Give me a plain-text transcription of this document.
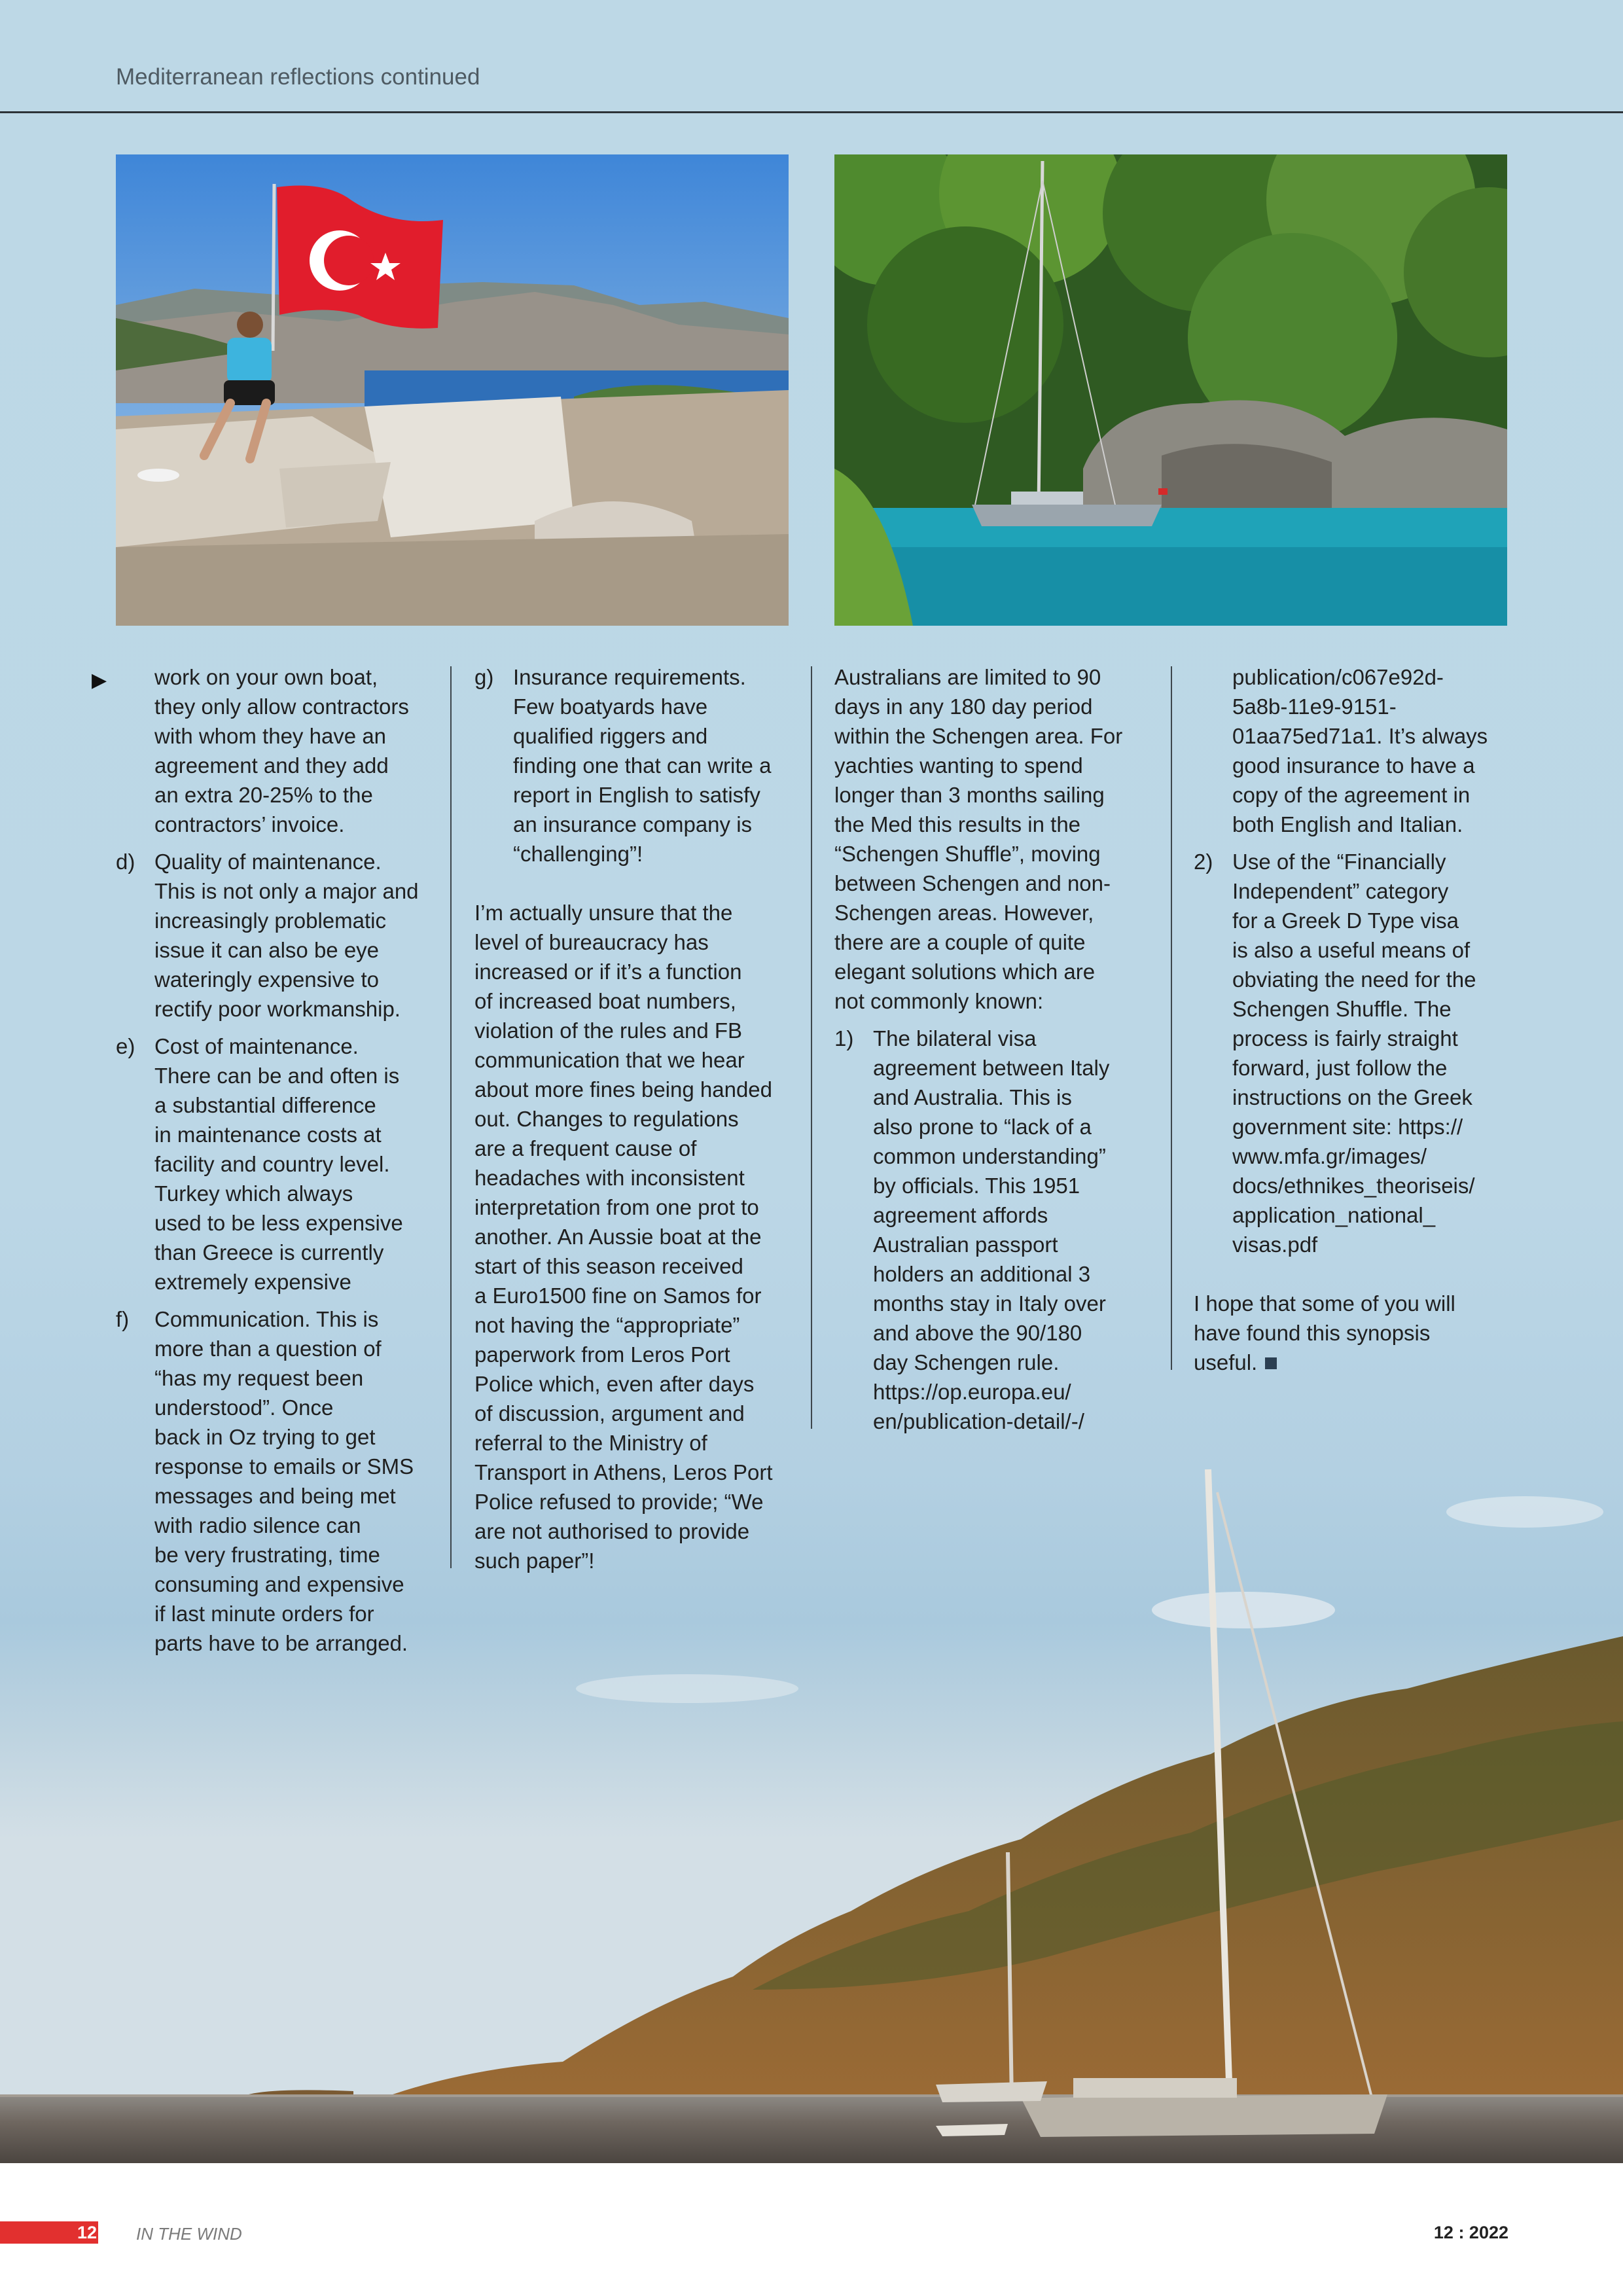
Mediterranean reflections continued
▶ work on your own boat,
they only allow contractors
with whom they have an
agreement and they add
an extra 20-25% to the
contractors’ invoice.

d) Quality of maintenance.
This is not only a major and
increasingly problematic
issue it can also be eye
wateringly expensive to
rectify poor workmanship.

e) Cost of maintenance.
There can be and often is
a substantial difference
in maintenance costs at
facility and country level.
Turkey which always
used to be less expensive
than Greece is currently
extremely expensive

f) Communication. This is
more than a question of
“has my request been
understood”. Once
back in Oz trying to get
response to emails or SMS
messages and being met
with radio silence can
be very frustrating, time
consuming and expensive
if last minute orders for
parts have to be arranged.

g) Insurance requirements.
Few boatyards have
qualified riggers and
finding one that can write a
report in English to satisfy
an insurance company is
“challenging”!

I’m actually unsure that the
level of bureaucracy has
increased or if it’s a function
of increased boat numbers,
violation of the rules and FB
communication that we hear
about more fines being handed
out. Changes to regulations
are a frequent cause of
headaches with inconsistent
interpretation from one prot to
another. An Aussie boat at the
start of this season received
a Euro1500 fine on Samos for
not having the “appropriate”
paperwork from Leros Port
Police which, even after days
of discussion, argument and
referral to the Ministry of
Transport in Athens, Leros Port
Police refused to provide; “We
are not authorised to provide
such paper”!

Australians are limited to 90
days in any 180 day period
within the Schengen area. For
yachties wanting to spend
longer than 3 months sailing
the Med this results in the
“Schengen Shuffle”, moving
between Schengen and non-
Schengen areas. However,
there are a couple of quite
elegant solutions which are
not commonly known:

1) The bilateral visa
agreement between Italy
and Australia. This is
also prone to “lack of a
common understanding”
by officials. This 1951
agreement affords
Australian passport
holders an additional 3
months stay in Italy over
and above the 90/180
day Schengen rule.
https://op.europa.eu/
en/publication-detail/-/

publication/c067e92d-
5a8b-11e9-9151-
01aa75ed71a1. It’s always
good insurance to have a
copy of the agreement in
both English and Italian.

2) Use of the “Financially
Independent” category
for a Greek D Type visa
is also a useful means of
obviating the need for the
Schengen Shuffle. The
process is fairly straight
forward, just follow the
instructions on the Greek
government site: https://
www.mfa.gr/images/
docs/ethnikes_theoriseis/
application_national_
visas.pdf

I hope that some of you will
have found this synopsis
useful.

12 IN THE WIND	12 : 2022
